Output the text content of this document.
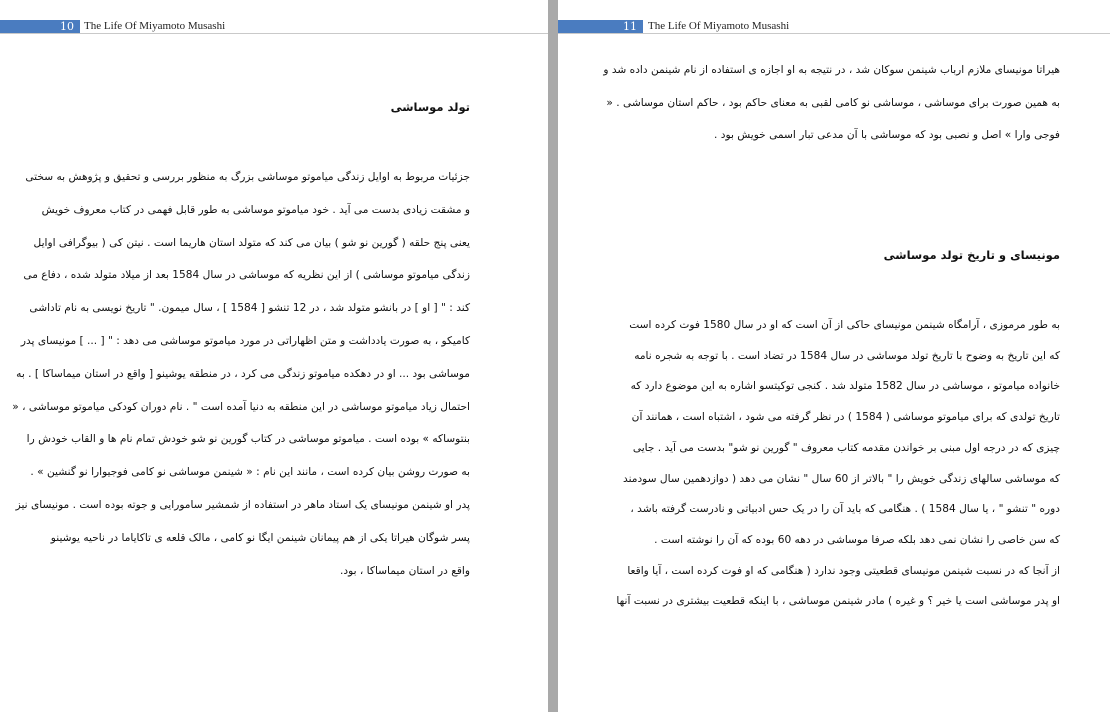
10 The Life Of Miyamoto Musashi
تولد موساشی
جزئیات مربوط به اوایل زندگی میاموتو موساشی بزرگ به منظور بررسی و تحقیق و پژوهش به سختی
و مشقت زیادی بدست می آید . خود میاموتو موساشی به طور قابل فهمی در کتاب معروف خویش
یعنی پنج حلقه ( گورین نو شو ) بیان می کند که متولد استان هاریما است . نیتن کی ( بیوگرافی اوایل
زندگی میاموتو موساشی ) از این نظریه که موساشی در سال 1584 بعد از میلاد متولد شده ، دفاع می
کند : " [ او ] در بانشو متولد شد ، در 12 تنشو [ 1584 ] ، سال میمون. " تاریخ نویسی به نام تاداشی
کامیکو ، به صورت یادداشت و متن اظهاراتی در مورد میاموتو موساشی می دهد : " [ ... ] مونیسای پدر
موساشی بود ... او در دهکده میاموتو زندگی می کرد ، در منطقه یوشینو [ واقع در استان میماساکا ] . به
احتمال زیاد میاموتو موساشی در این منطقه به دنیا آمده است " . نام دوران کودکی میاموتو موساشی ، «
بنتوساکه » بوده است . میاموتو موساشی در کتاب گورین نو شو خودش تمام نام ها و القاب خودش را
به صورت روشن بیان کرده است ، مانند این نام : « شینمن موساشی نو کامی فوجیوارا نو گنشین » .
پدر او شینمن مونیسای یک استاد ماهر در استفاده از شمشیر سامورایی و جوته بوده است . مونیسای نیز
پسر شوگان هیراتا یکی از هم پیمانان شینمن ایگا نو کامی ، مالک قلعه ی تاکایاما در ناحیه یوشینو
واقع در استان میماساکا ، بود.
11	The Life Of Miyamoto Musashi
هیراتا مونیسای ملازم ارباب شینمن سوکان شد ، در نتیجه به او اجازه ی استفاده از نام شینمن داده شد و
به همین صورت برای موساشی ، موساشی نو کامی لقبی به معنای حاکم بود ، حاکم استان موساشی . «
فوجی وارا » اصل و نصبی بود که موساشی با آن مدعی تبار اسمی خویش بود .
مونیسای و تاریخ تولد موساشی
به طور مرموزی ، آرامگاه شینمن مونیسای حاکی از آن است که او در سال 1580 فوت کرده است
که این تاریخ به وضوح با تاریخ تولد موساشی در سال 1584 در تضاد است . با توجه به شجره نامه
خانواده میاموتو ، موساشی در سال 1582 متولد شد . کنجی توکیتسو اشاره به این موضوع دارد که
تاریخ تولدی که برای میاموتو موساشی ( 1584 ) در نظر گرفته می شود ، اشتباه است ، همانند آن
چیزی که در درجه اول مبنی بر خواندن مقدمه کتاب معروف " گورین نو شو" بدست می آید . جایی
که موساشی سالهای زندگی خویش را " بالاتر از 60 سال " نشان می دهد ( دوازدهمین سال سودمند
دوره " تنشو " ، یا سال 1584 ) . هنگامی که باید آن را در یک حس ادبیاتی و نادرست گرفته باشد ،
که سن خاصی را نشان نمی دهد بلکه صرفا موساشی در دهه 60 بوده که آن را نوشته است .
از آنجا که در نسبت شینمن مونیسای قطعیتی وجود ندارد ( هنگامی که او فوت کرده است ، آیا واقعا
او پدر موساشی است یا خیر ؟ و غیره ) مادر شینمن موساشی ، با اینکه قطعیت بیشتری در نسبت آنها
